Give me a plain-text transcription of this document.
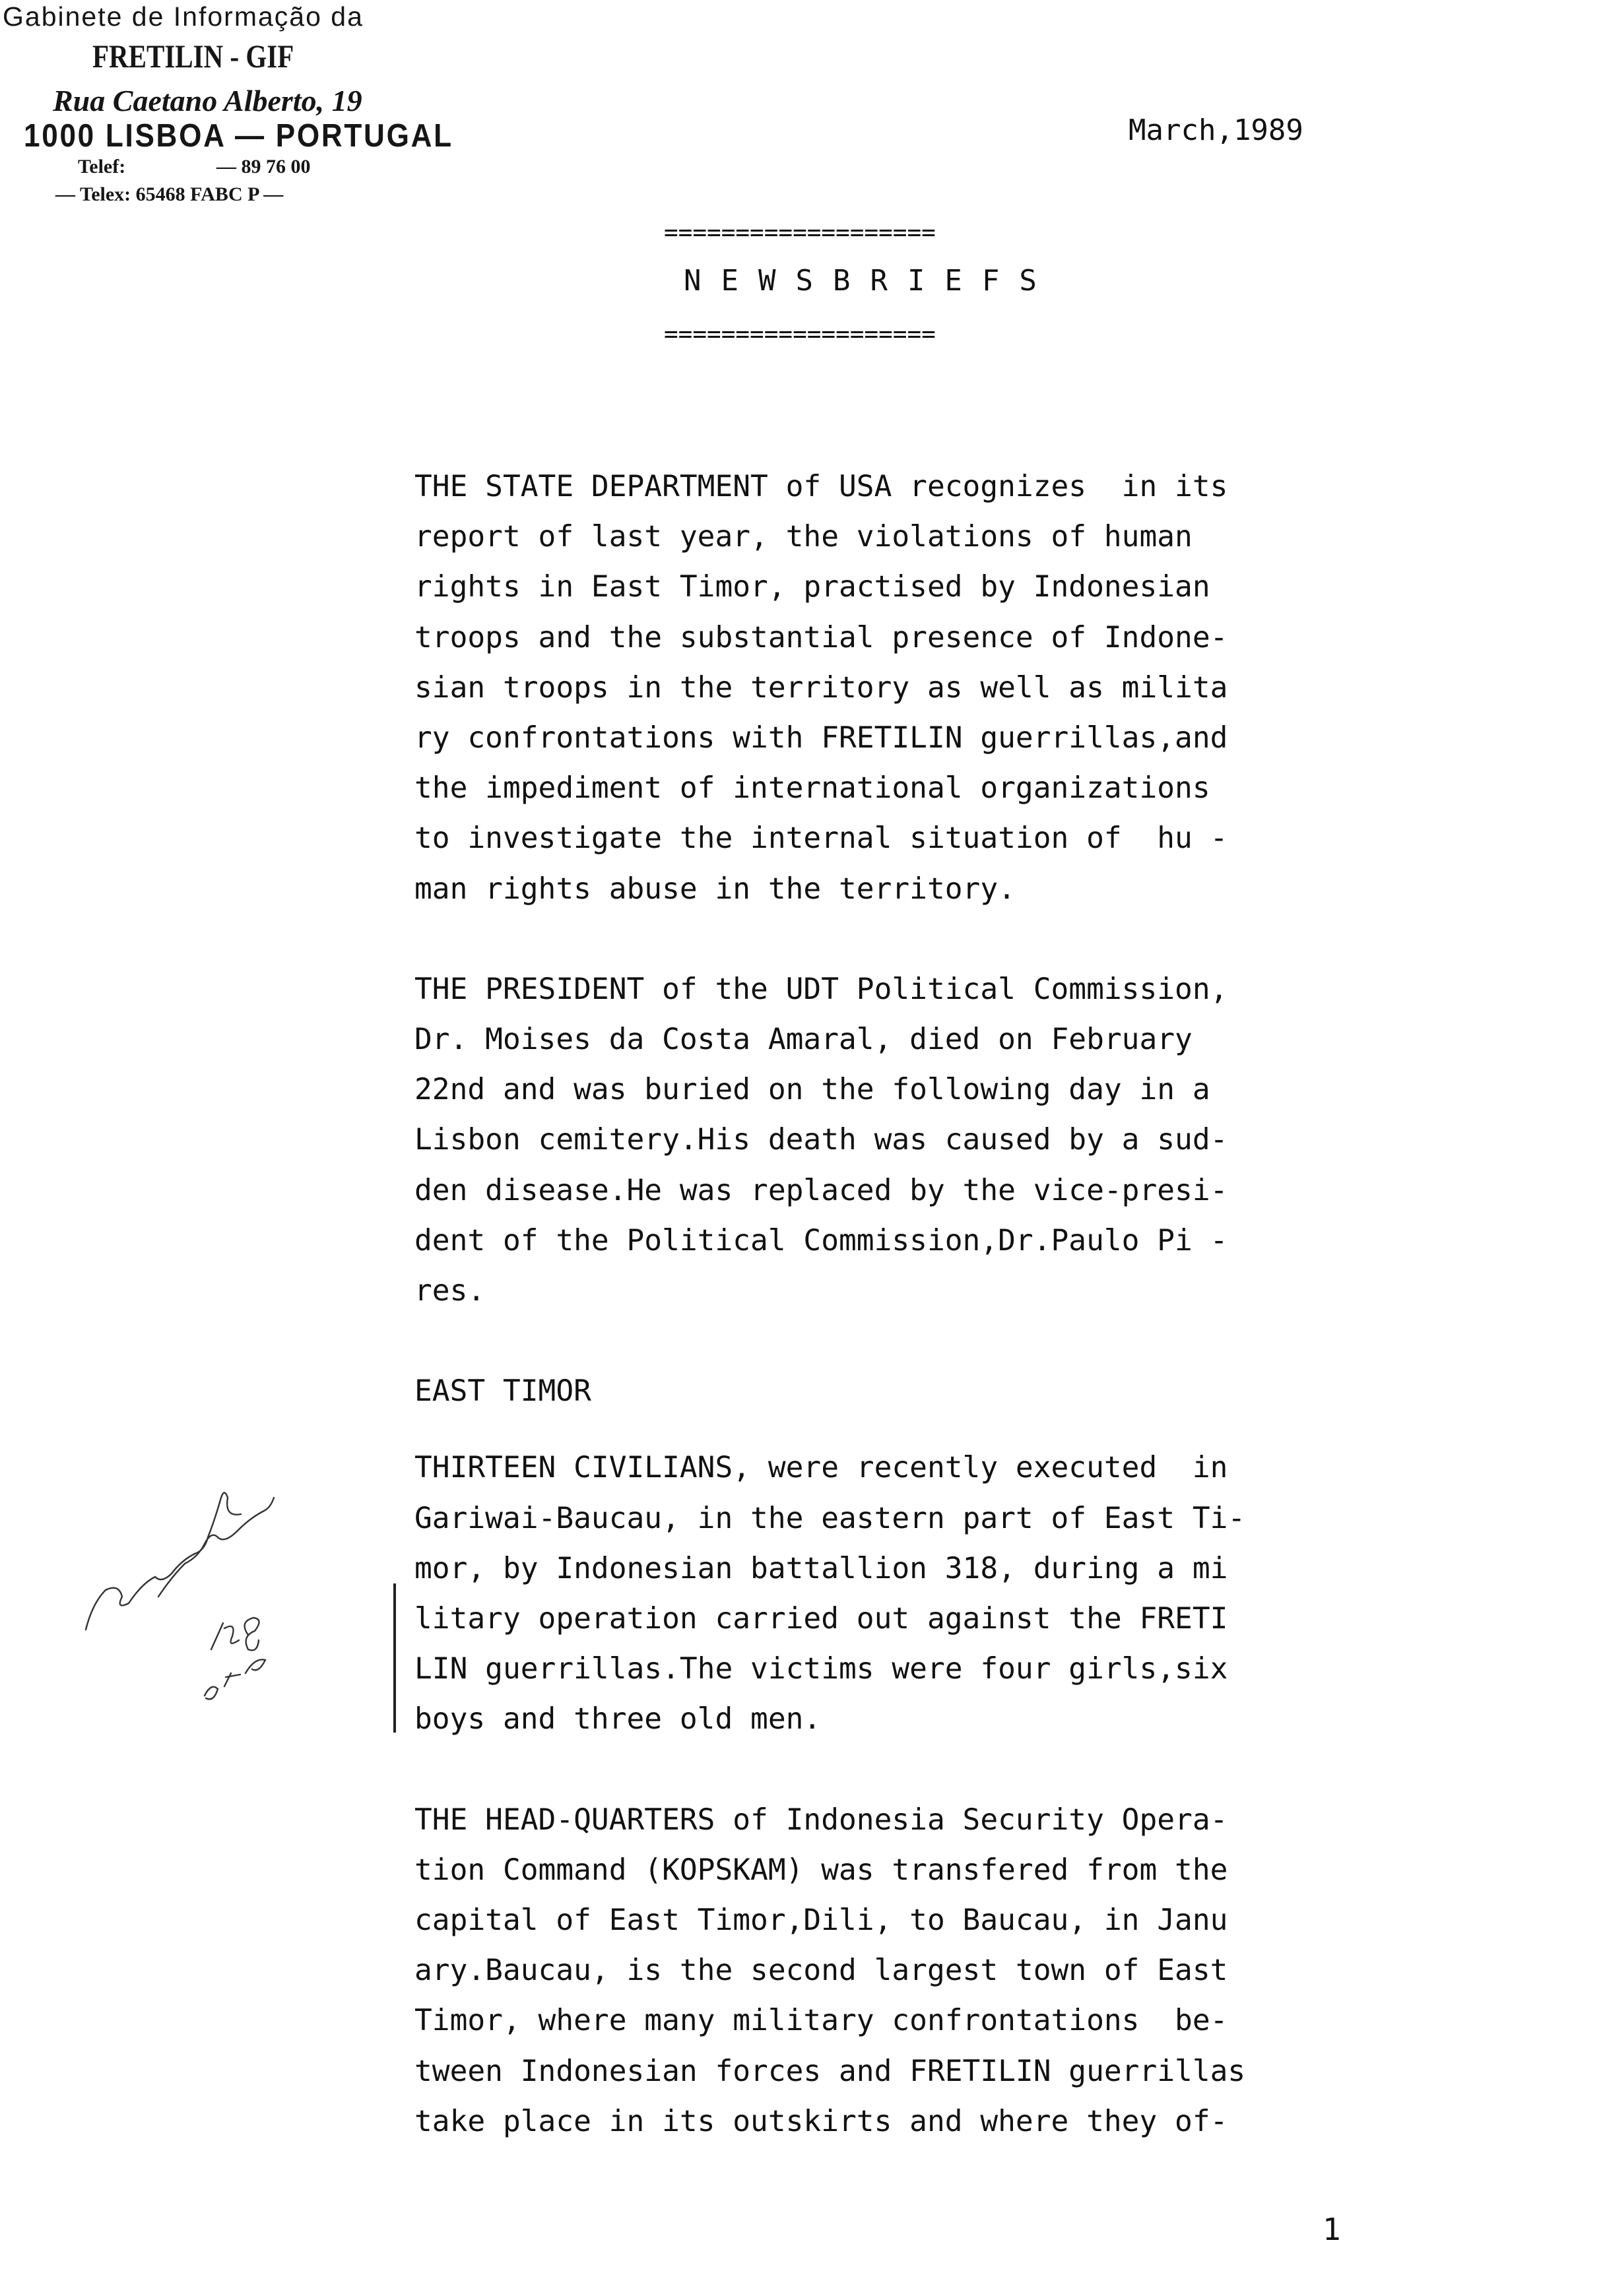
Gabinete de Informação da
FRETILIN - GIF
Rua Caetano Alberto, 19
1000 LISBOA — PORTUGAL
Telef:	— 89 76 00
— Telex: 65468 FABC P —
March,1989
===================
NEWSBRIEFS
===================

THE STATE DEPARTMENT of USA recognizes  in its

report of last year, the violations of human

rights in East Timor, practised by Indonesian

troops and the substantial presence of Indone-

sian troops in the territory as well as milita

ry confrontations with FRETILIN guerrillas,and

the impediment of international organizations

to investigate the internal situation of  hu -

man rights abuse in the territory.

THE PRESIDENT of the UDT Political Commission,

Dr. Moises da Costa Amaral, died on February

22nd and was buried on the following day in a

Lisbon cemitery.His death was caused by a sud-

den disease.He was replaced by the vice-presi-

dent of the Political Commission,Dr.Paulo Pi -

res.

EAST TIMOR

THIRTEEN CIVILIANS, were recently executed  in

Gariwai-Baucau, in the eastern part of East Ti-

mor, by Indonesian battallion 318, during a mi

litary operation carried out against the FRETI

LIN guerrillas.The victims were four girls,six

boys and three old men.

THE HEAD-QUARTERS of Indonesia Security Opera-

tion Command (KOPSKAM) was transfered from the

capital of East Timor,Dili, to Baucau, in Janu

ary.Baucau, is the second largest town of East

Timor, where many military confrontations  be-

tween Indonesian forces and FRETILIN guerrillas

take place in its outskirts and where they of-

1
